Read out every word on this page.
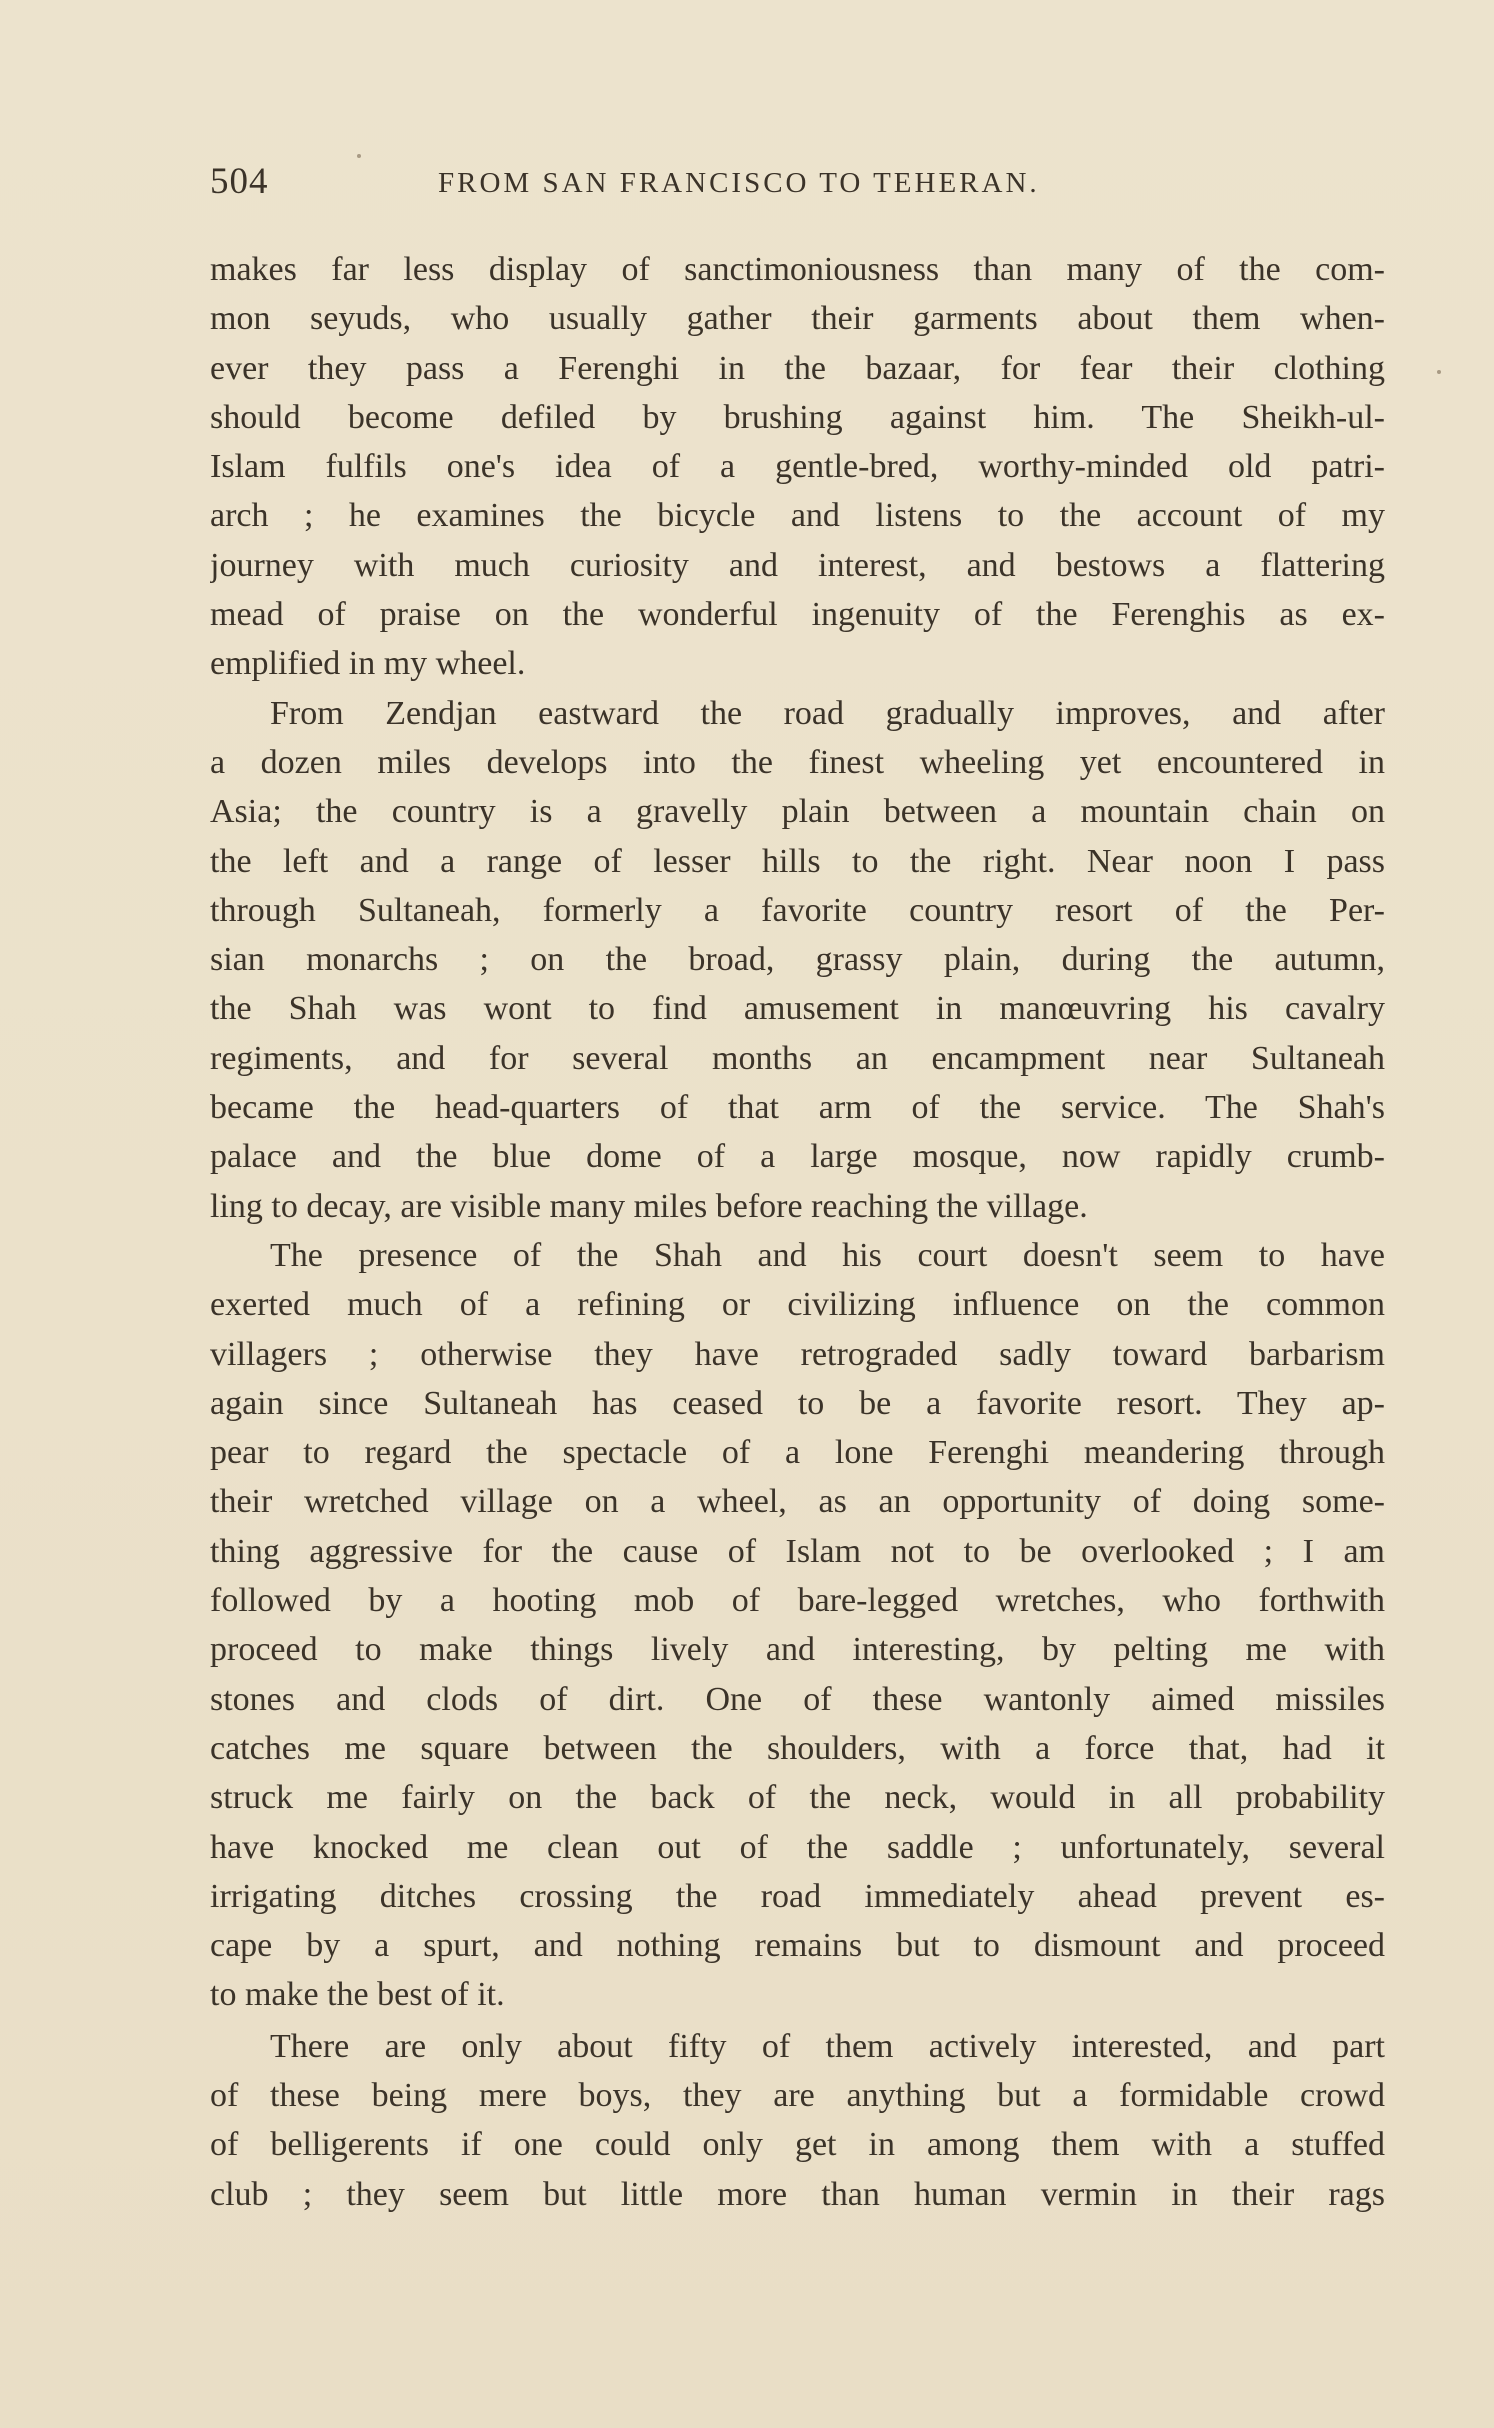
504	FROM SAN FRANCISCO TO TEHERAN.
makes far less display of sanctimoniousness than many of the com-
mon seyuds, who usually gather their garments about them when-
ever they pass a Ferenghi in the bazaar, for fear their clothing
should become defiled by brushing against him. The Sheikh-ul-
Islam fulfils one's idea of a gentle-bred, worthy-minded old patri-
arch ; he examines the bicycle and listens to the account of my
journey with much curiosity and interest, and bestows a flattering
mead of praise on the wonderful ingenuity of the Ferenghis as ex-
emplified in my wheel.
From Zendjan eastward the road gradually improves, and after
a dozen miles develops into the finest wheeling yet encountered in
Asia; the country is a gravelly plain between a mountain chain on
the left and a range of lesser hills to the right. Near noon I pass
through Sultaneah, formerly a favorite country resort of the Per-
sian monarchs ; on the broad, grassy plain, during the autumn,
the Shah was wont to find amusement in manœuvring his cavalry
regiments, and for several months an encampment near Sultaneah
became the head-quarters of that arm of the service. The Shah's
palace and the blue dome of a large mosque, now rapidly crumb-
ling to decay, are visible many miles before reaching the village.
The presence of the Shah and his court doesn't seem to have
exerted much of a refining or civilizing influence on the common
villagers ; otherwise they have retrograded sadly toward barbarism
again since Sultaneah has ceased to be a favorite resort. They ap-
pear to regard the spectacle of a lone Ferenghi meandering through
their wretched village on a wheel, as an opportunity of doing some-
thing aggressive for the cause of Islam not to be overlooked ; I am
followed by a hooting mob of bare-legged wretches, who forthwith
proceed to make things lively and interesting, by pelting me with
stones and clods of dirt. One of these wantonly aimed missiles
catches me square between the shoulders, with a force that, had it
struck me fairly on the back of the neck, would in all probability
have knocked me clean out of the saddle ; unfortunately, several
irrigating ditches crossing the road immediately ahead prevent es-
cape by a spurt, and nothing remains but to dismount and proceed
to make the best of it.
There are only about fifty of them actively interested, and part
of these being mere boys, they are anything but a formidable crowd
of belligerents if one could only get in among them with a stuffed
club ; they seem but little more than human vermin in their rags
